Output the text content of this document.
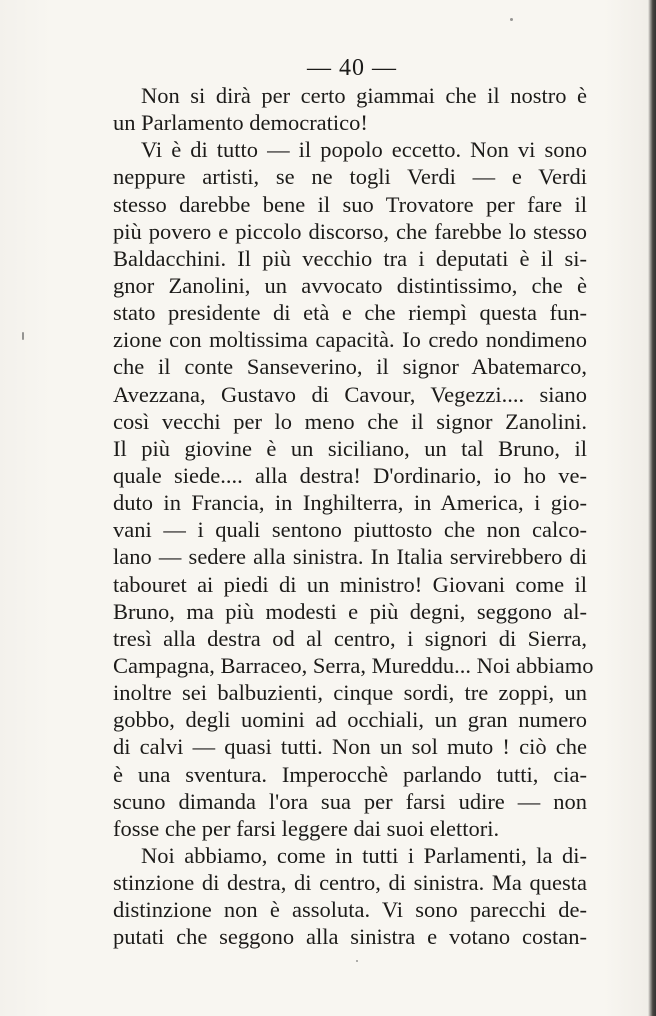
— 40 —
Non si dirà per certo giammai che il nostro è
un Parlamento democratico!
Vi è di tutto — il popolo eccetto. Non vi sono
neppure artisti, se ne togli Verdi — e Verdi
stesso darebbe bene il suo Trovatore per fare il
più povero e piccolo discorso, che farebbe lo stesso
Baldacchini. Il più vecchio tra i deputati è il si-
gnor Zanolini, un avvocato distintissimo, che è
stato presidente di età e che riempì questa fun-
zione con moltissima capacità. Io credo nondimeno
che il conte Sanseverino, il signor Abatemarco,
Avezzana, Gustavo di Cavour, Vegezzi.... siano
così vecchi per lo meno che il signor Zanolini.
Il più giovine è un siciliano, un tal Bruno, il
quale siede.... alla destra! D'ordinario, io ho ve-
duto in Francia, in Inghilterra, in America, i gio-
vani — i quali sentono piuttosto che non calco-
lano — sedere alla sinistra. In Italia servirebbero di
tabouret ai piedi di un ministro! Giovani come il
Bruno, ma più modesti e più degni, seggono al-
tresì alla destra od al centro, i signori di Sierra,
Campagna, Barraceo, Serra, Mureddu... Noi abbiamo
inoltre sei balbuzienti, cinque sordi, tre zoppi, un
gobbo, degli uomini ad occhiali, un gran numero
di calvi — quasi tutti. Non un sol muto ! ciò che
è una sventura. Imperocchè parlando tutti, cia-
scuno dimanda l'ora sua per farsi udire — non
fosse che per farsi leggere dai suoi elettori.
Noi abbiamo, come in tutti i Parlamenti, la di-
stinzione di destra, di centro, di sinistra. Ma questa
distinzione non è assoluta. Vi sono parecchi de-
putati che seggono alla sinistra e votano costan-
